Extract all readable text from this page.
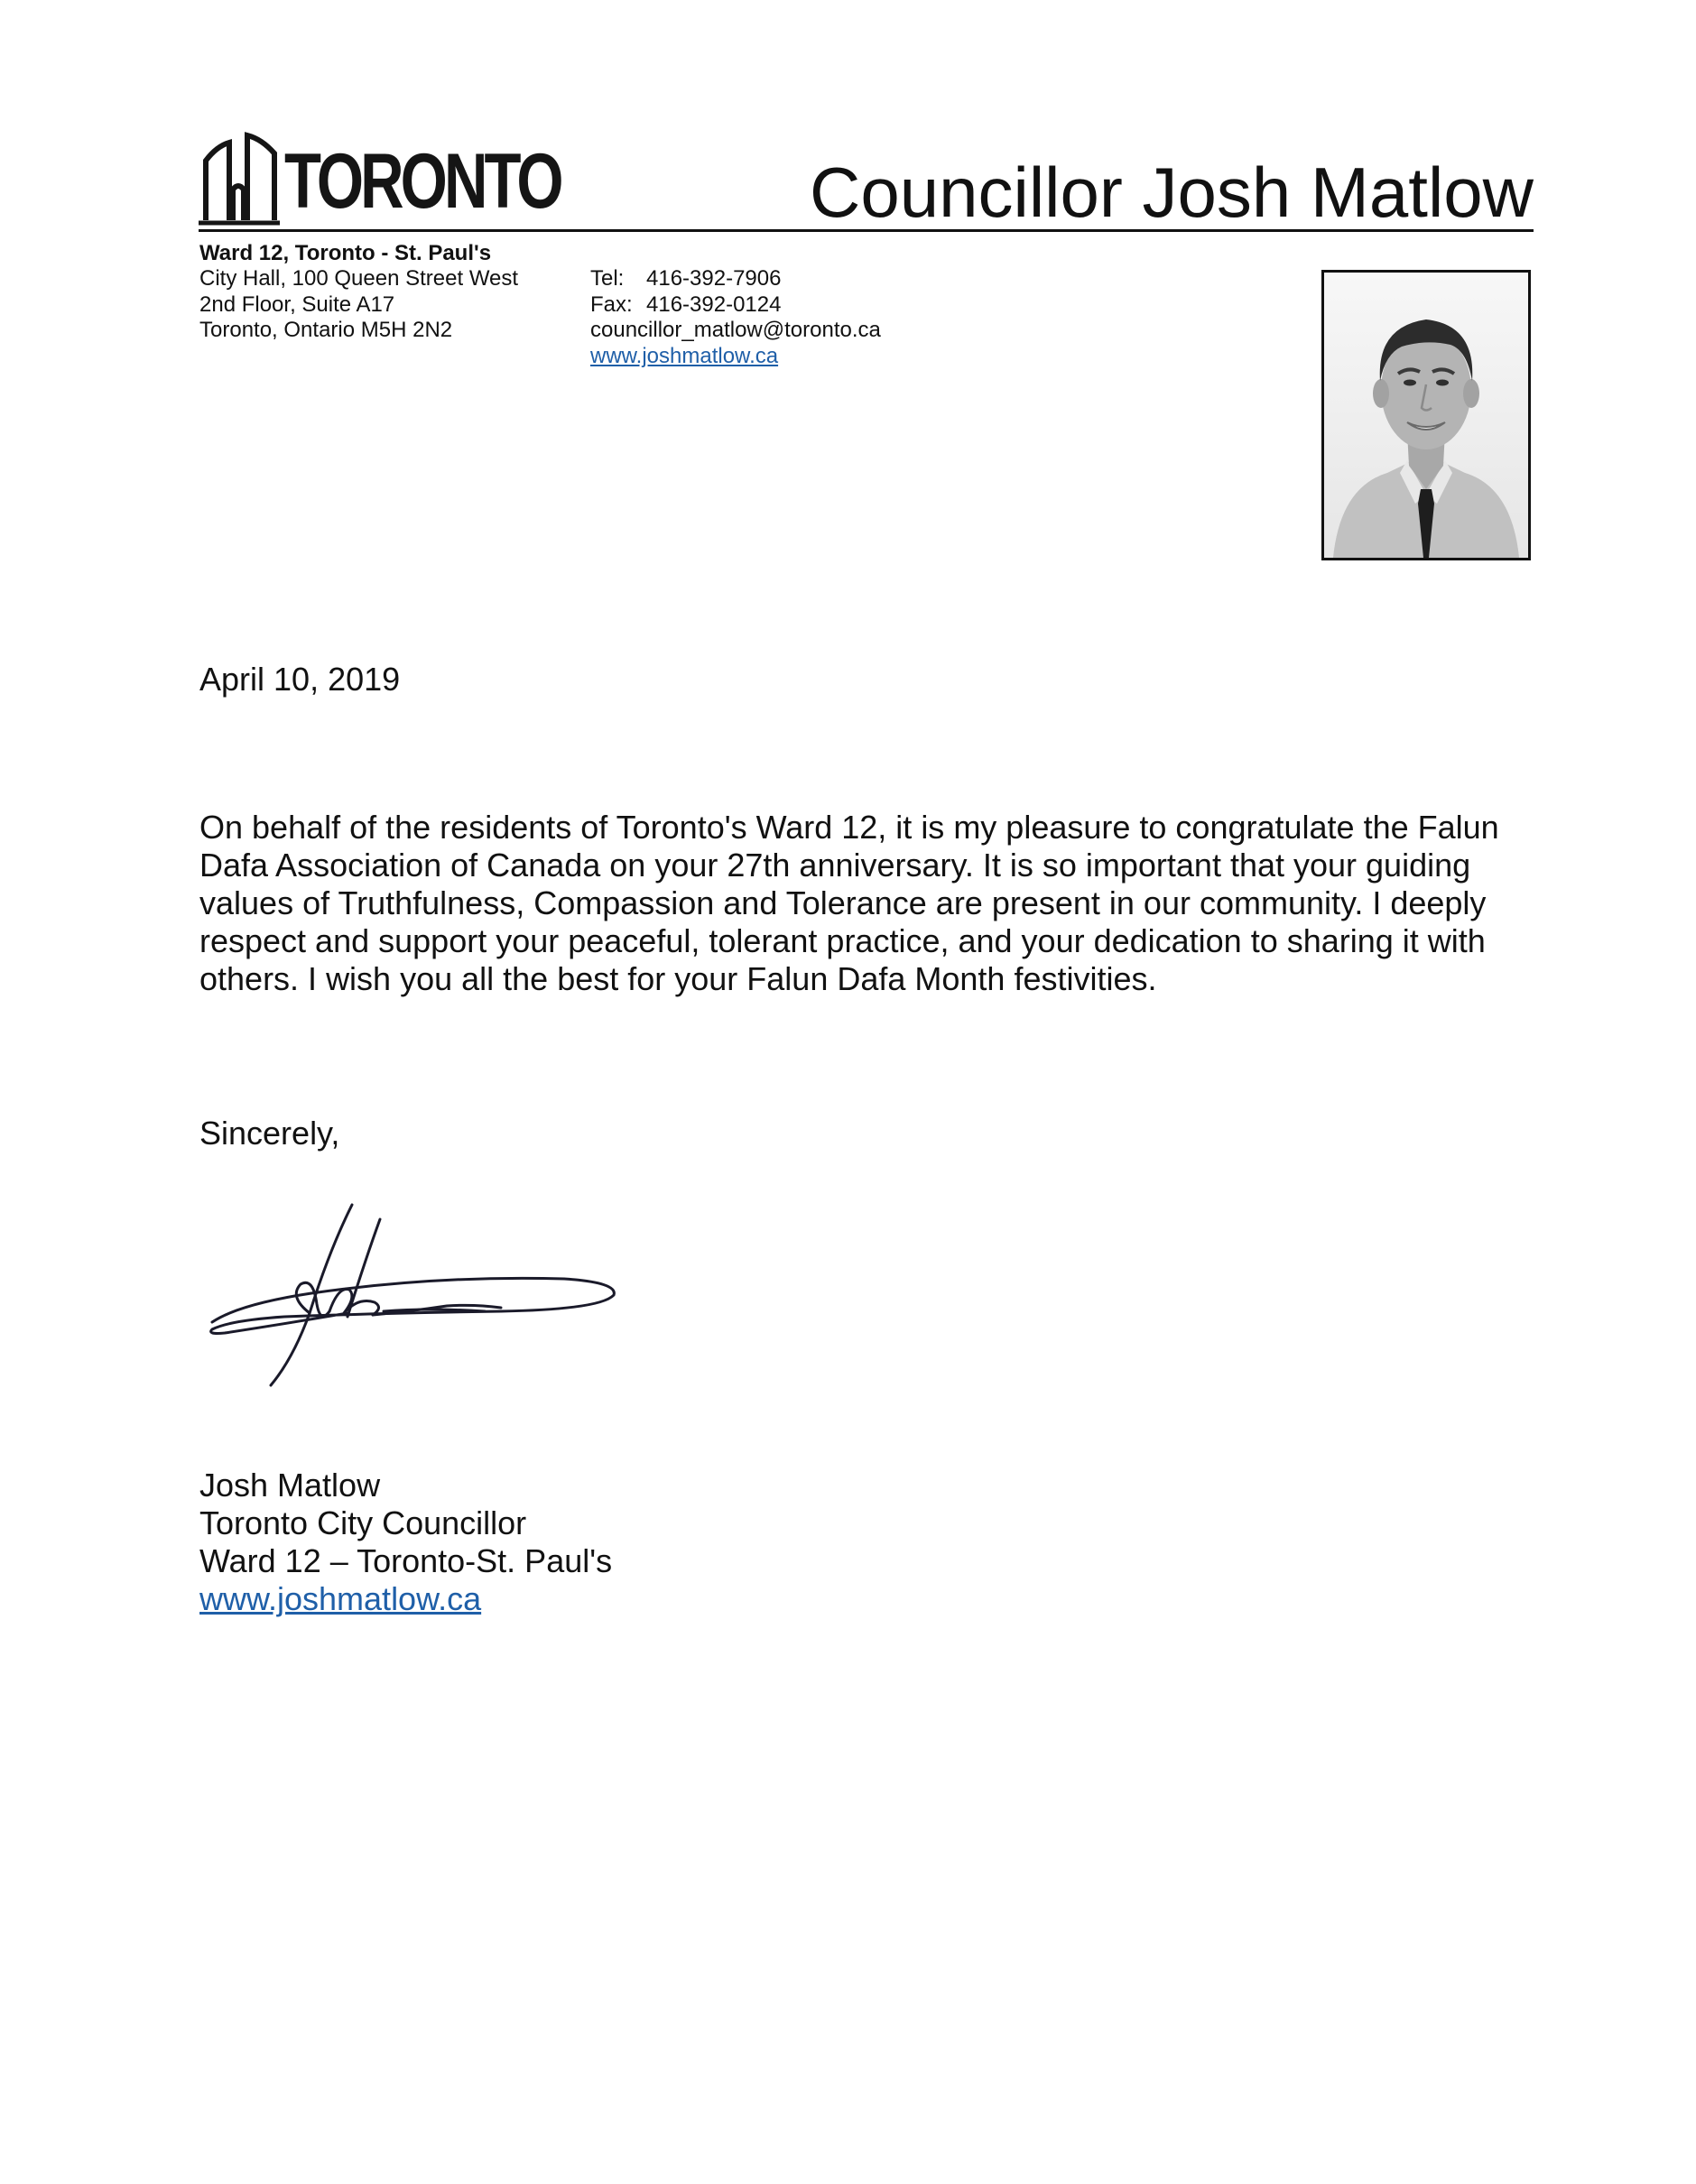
TORONTO	Councillor Josh Matlow
Ward 12, Toronto - St. Paul's
City Hall, 100 Queen Street West
2nd Floor, Suite A17
Toronto, Ontario M5H 2N2
Tel: 416-392-7906
Fax: 416-392-0124
councillor_matlow@toronto.ca
www.joshmatlow.ca
April 10, 2019
On behalf of the residents of Toronto's Ward 12, it is my pleasure to congratulate the Falun
Dafa Association of Canada on your 27th anniversary. It is so important that your guiding
values of Truthfulness, Compassion and Tolerance are present in our community. I deeply
respect and support your peaceful, tolerant practice, and your dedication to sharing it with
others. I wish you all the best for your Falun Dafa Month festivities.
Sincerely,
Josh Matlow
Toronto City Councillor
Ward 12 – Toronto-St. Paul's
www.joshmatlow.ca
